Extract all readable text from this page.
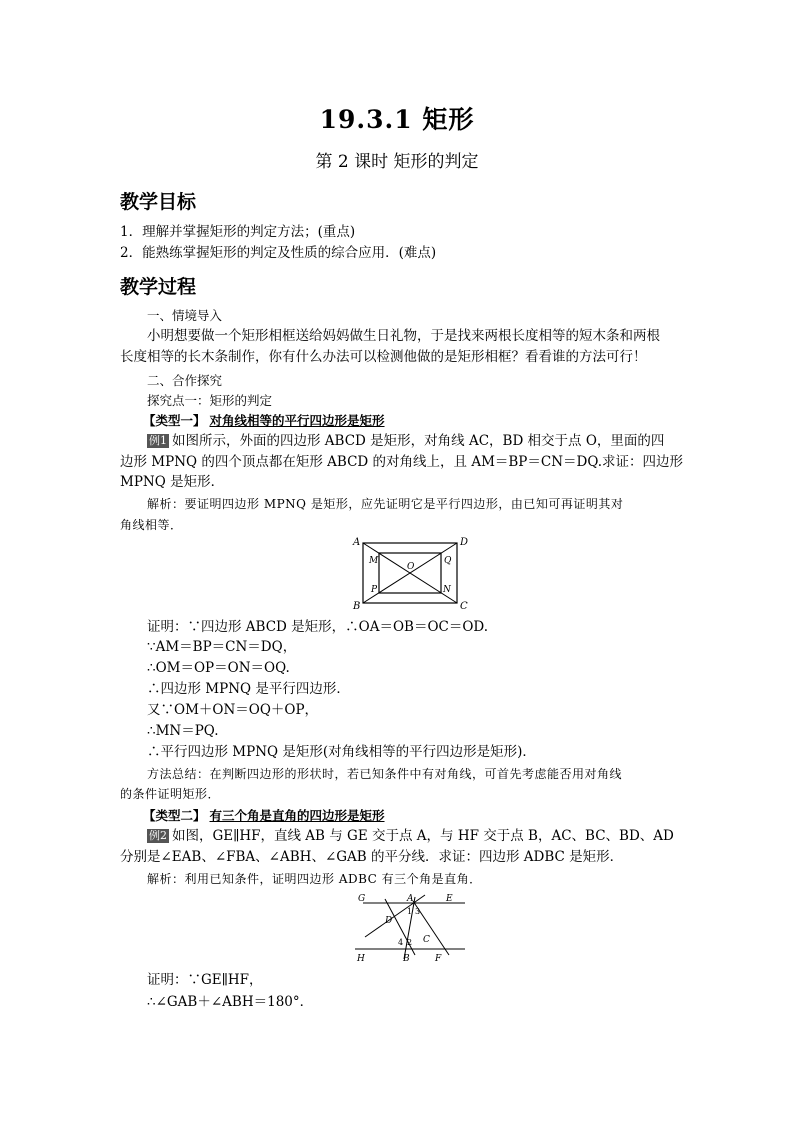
19.3.1 矩形
第 2 课时 矩形的判定
教学目标
1．理解并掌握矩形的判定方法；(重点)
2．能熟练掌握矩形的判定及性质的综合应用．(难点)
教学过程
一、情境导入
小明想要做一个矩形相框送给妈妈做生日礼物，于是找来两根长度相等的短木条和两根
长度相等的长木条制作，你有什么办法可以检测他做的是矩形相框？看看谁的方法可行！
二、合作探究
探究点一：矩形的判定
【类型一】 对角线相等的平行四边形是矩形
例1 如图所示，外面的四边形 ABCD 是矩形，对角线 AC，BD 相交于点 O，里面的四
边形 MPNQ 的四个顶点都在矩形 ABCD 的对角线上，且 AM＝BP＝CN＝DQ.求证：四边形
MPNQ 是矩形．
解析：要证明四边形 MPNQ 是矩形，应先证明它是平行四边形，由已知可再证明其对
角线相等．
A	D
B	C
M	Q
P	N
O
证明：∵四边形 ABCD 是矩形，∴OA＝OB＝OC＝OD.
∵AM＝BP＝CN＝DQ，
∴OM＝OP＝ON＝OQ.
∴四边形 MPNQ 是平行四边形．
又∵OM＋ON＝OQ＋OP，
∴MN＝PQ.
∴平行四边形 MPNQ 是矩形(对角线相等的平行四边形是矩形)．
方法总结：在判断四边形的形状时，若已知条件中有对角线，可首先考虑能否用对角线
的条件证明矩形．
【类型二】 有三个角是直角的四边形是矩形
例2 如图，GE∥HF，直线 AB 与 GE 交于点 A，与 HF 交于点 B，AC、BC、BD、AD
分别是∠EAB、∠FBA、∠ABH、∠GAB 的平分线．求证：四边形 ADBC 是矩形．
解析：利用已知条件，证明四边形 ADBC 有三个角是直角．
G	A	E
D
C
H	B	F
1 3
4 2
证明：∵GE∥HF，
∴∠GAB＋∠ABH＝180°．
